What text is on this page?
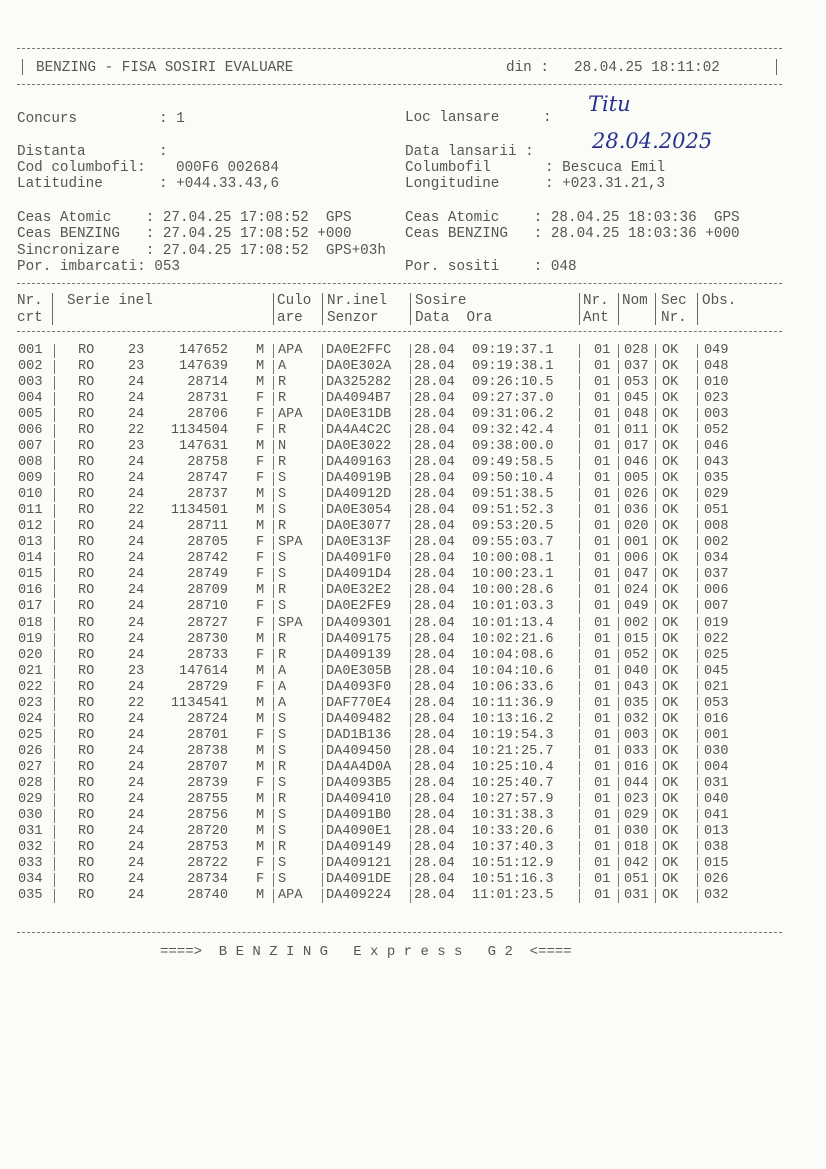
BENZING - FISA SOSIRI EVALUARE	din : 28.04.25 18:11:02
Concurs	: 1	Loc lansare	:
Titu
Distanta	:	Data lansarii :	28.04.2025
Cod columbofil: 000F6 002684	Columbofil	: Bescuca Emil
Latitudine	: +044.33.43,6	Longitudine	: +023.31.21,3
Ceas Atomic    : 27.04.25 17:08:52  GPS	Ceas Atomic    : 28.04.25 18:03:36  GPS
Ceas BENZING   : 27.04.25 17:08:52 +000	Ceas BENZING   : 28.04.25 18:03:36 +000
Sincronizare   : 27.04.25 17:08:52  GPS+03h
Por. imbarcati: 053	Por. sositi    : 048
Nr.
crt
Serie inel	Culo
are
Nr.inel
Senzor
Sosire
Data  Ora
Nr.
Ant
Nom Sec
Nr.
Obs.
001	RO 23	147652 M APA DA0E2FFC 28.04 09:19:37.1	01 028 OK 049
002	RO 23	147639 M A	DA0E302A 28.04 09:19:38.1	01 037 OK 048
003	RO 24	28714 M R	DA325282 28.04 09:26:10.5	01 053 OK 010
004	RO 24	28731 F R	DA4094B7 28.04 09:27:37.0	01 045 OK 023
005	RO 24	28706 F APA DA0E31DB 28.04 09:31:06.2	01 048 OK 003
006	RO 22	1134504 F R	DA4A4C2C 28.04 09:32:42.4	01 011 OK 052
007	RO 23	147631 M N	DA0E3022 28.04 09:38:00.0	01 017 OK 046
008	RO 24	28758 F R	DA409163 28.04 09:49:58.5	01 046 OK 043
009	RO 24	28747 F S	DA40919B 28.04 09:50:10.4	01 005 OK 035
010	RO 24	28737 M S	DA40912D 28.04 09:51:38.5	01 026 OK 029
011	RO 22	1134501 M S	DA0E3054 28.04 09:51:52.3	01 036 OK 051
012	RO 24	28711 M R	DA0E3077 28.04 09:53:20.5	01 020 OK 008
013	RO 24	28705 F SPA DA0E313F 28.04 09:55:03.7	01 001 OK 002
014	RO 24	28742 F S	DA4091F0 28.04 10:00:08.1	01 006 OK 034
015	RO 24	28749 F S	DA4091D4 28.04 10:00:23.1	01 047 OK 037
016	RO 24	28709 M R	DA0E32E2 28.04 10:00:28.6	01 024 OK 006
017	RO 24	28710 F S	DA0E2FE9 28.04 10:01:03.3	01 049 OK 007
018	RO 24	28727 F SPA DA409301 28.04 10:01:13.4	01 002 OK 019
019	RO 24	28730 M R	DA409175 28.04 10:02:21.6	01 015 OK 022
020	RO 24	28733 F R	DA409139 28.04 10:04:08.6	01 052 OK 025
021	RO 23	147614 M A	DA0E305B 28.04 10:04:10.6	01 040 OK 045
022	RO 24	28729 F A	DA4093F0 28.04 10:06:33.6	01 043 OK 021
023	RO 22	1134541 M A	DAF770E4 28.04 10:11:36.9	01 035 OK 053
024	RO 24	28724 M S	DA409482 28.04 10:13:16.2	01 032 OK 016
025	RO 24	28701 F S	DAD1B136 28.04 10:19:54.3	01 003 OK 001
026	RO 24	28738 M S	DA409450 28.04 10:21:25.7	01 033 OK 030
027	RO 24	28707 M R	DA4A4D0A 28.04 10:25:10.4	01 016 OK 004
028	RO 24	28739 F S	DA4093B5 28.04 10:25:40.7	01 044 OK 031
029	RO 24	28755 M R	DA409410 28.04 10:27:57.9	01 023 OK 040
030	RO 24	28756 M S	DA4091B0 28.04 10:31:38.3	01 029 OK 041
031	RO 24	28720 M S	DA4090E1 28.04 10:33:20.6	01 030 OK 013
032	RO 24	28753 M R	DA409149 28.04 10:37:40.3	01 018 OK 038
033	RO 24	28722 F S	DA409121 28.04 10:51:12.9	01 042 OK 015
034	RO 24	28734 F S	DA4091DE 28.04 10:51:16.3	01 051 OK 026
035	RO 24	28740 M APA DA409224 28.04 11:01:23.5	01 031 OK 032
====>  B E N Z I N G   E x p r e s s   G 2  <====
